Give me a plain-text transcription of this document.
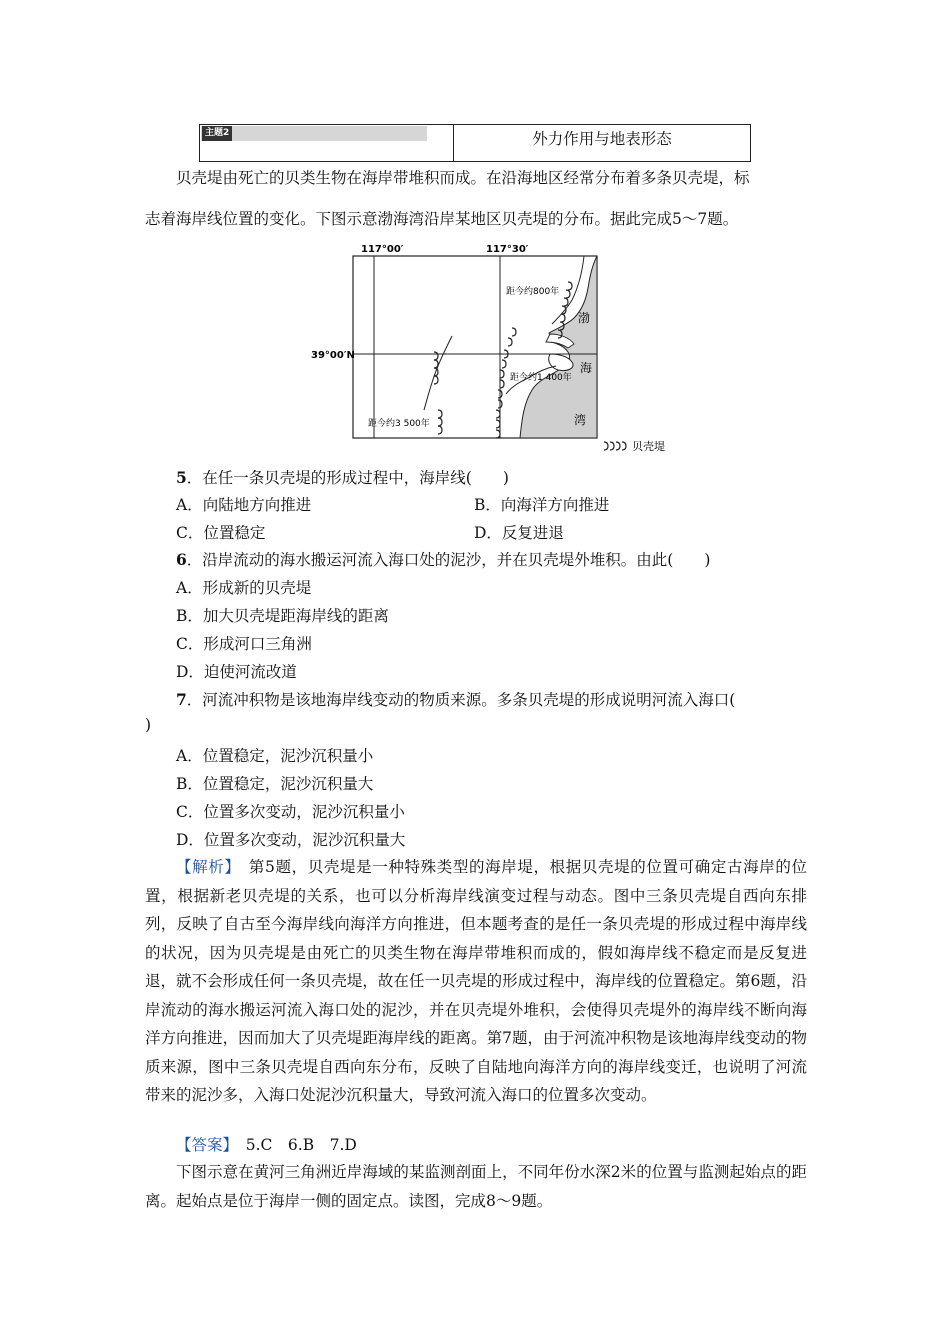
主题2	外力作用与地表形态
贝壳堤由死亡的贝类生物在海岸带堆积而成。在沿海地区经常分布着多条贝壳堤，标
志着海岸线位置的变化。下图示意渤海湾沿岸某地区贝壳堤的分布。据此完成5～7题。
117°00′	117°30′
39°00′N
距今约800年
距今约1 400年
距今约3 500年
渤
海
湾
贝壳堤
5．在任一条贝壳堤的形成过程中，海岸线(　　)
A．向陆地方向推进	B．向海洋方向推进
C．位置稳定	D．反复进退
6．沿岸流动的海水搬运河流入海口处的泥沙，并在贝壳堤外堆积。由此(　　)
A．形成新的贝壳堤
B．加大贝壳堤距海岸线的距离
C．形成河口三角洲
D．迫使河流改道
7．河流冲积物是该地海岸线变动的物质来源。多条贝壳堤的形成说明河流入海口(
)
A．位置稳定，泥沙沉积量小
B．位置稳定，泥沙沉积量大
C．位置多次变动，泥沙沉积量小
D．位置多次变动，泥沙沉积量大
【解析】　第5题，贝壳堤是一种特殊类型的海岸堤，根据贝壳堤的位置可确定古海岸的位置，根据新老贝壳堤的关系，也可以分析海岸线演变过程与动态。图中三条贝壳堤自西向东排列，反映了自古至今海岸线向海洋方向推进，但本题考查的是任一条贝壳堤的形成过程中海岸线的状况，因为贝壳堤是由死亡的贝类生物在海岸带堆积而成的，假如海岸线不稳定而是反复进退，就不会形成任何一条贝壳堤，故在任一贝壳堤的形成过程中，海岸线的位置稳定。第6题，沿岸流动的海水搬运河流入海口处的泥沙，并在贝壳堤外堆积，会使得贝壳堤外的海岸线不断向海洋方向推进，因而加大了贝壳堤距海岸线的距离。第7题，由于河流冲积物是该地海岸线变动的物质来源，图中三条贝壳堤自西向东分布，反映了自陆地向海洋方向的海岸线变迁，也说明了河流带来的泥沙多，入海口处泥沙沉积量大，导致河流入海口的位置多次变动。
【答案】　5.C　6.B　7.D
下图示意在黄河三角洲近岸海域的某监测剖面上，不同年份水深2米的位置与监测起始点的距离。起始点是位于海岸一侧的固定点。读图，完成8～9题。
